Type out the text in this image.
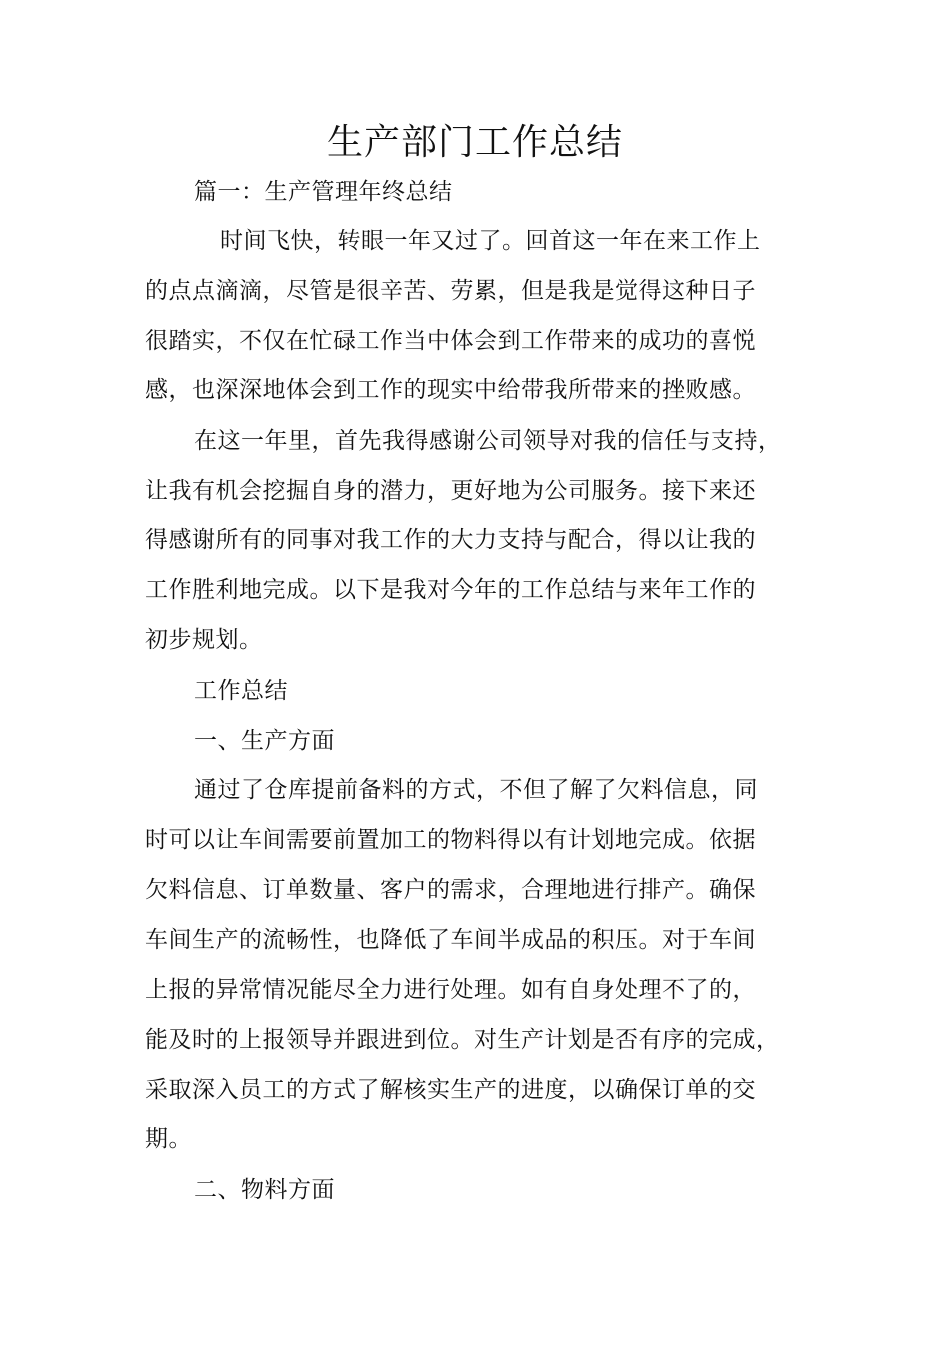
生产部门工作总结
篇一：生产管理年终总结
时间飞快，转眼一年又过了。回首这一年在来工作上
的点点滴滴，尽管是很辛苦、劳累，但是我是觉得这种日子
很踏实，不仅在忙碌工作当中体会到工作带来的成功的喜悦
感，也深深地体会到工作的现实中给带我所带来的挫败感。
在这一年里，首先我得感谢公司领导对我的信任与支持，
让我有机会挖掘自身的潜力，更好地为公司服务。接下来还
得感谢所有的同事对我工作的大力支持与配合，得以让我的
工作胜利地完成。以下是我对今年的工作总结与来年工作的
初步规划。
工作总结
一、生产方面
通过了仓库提前备料的方式，不但了解了欠料信息，同
时可以让车间需要前置加工的物料得以有计划地完成。依据
欠料信息、订单数量、客户的需求，合理地进行排产。确保
车间生产的流畅性，也降低了车间半成品的积压。对于车间
上报的异常情况能尽全力进行处理。如有自身处理不了的，
能及时的上报领导并跟进到位。对生产计划是否有序的完成，
采取深入员工的方式了解核实生产的进度，以确保订单的交
期。
二、物料方面
